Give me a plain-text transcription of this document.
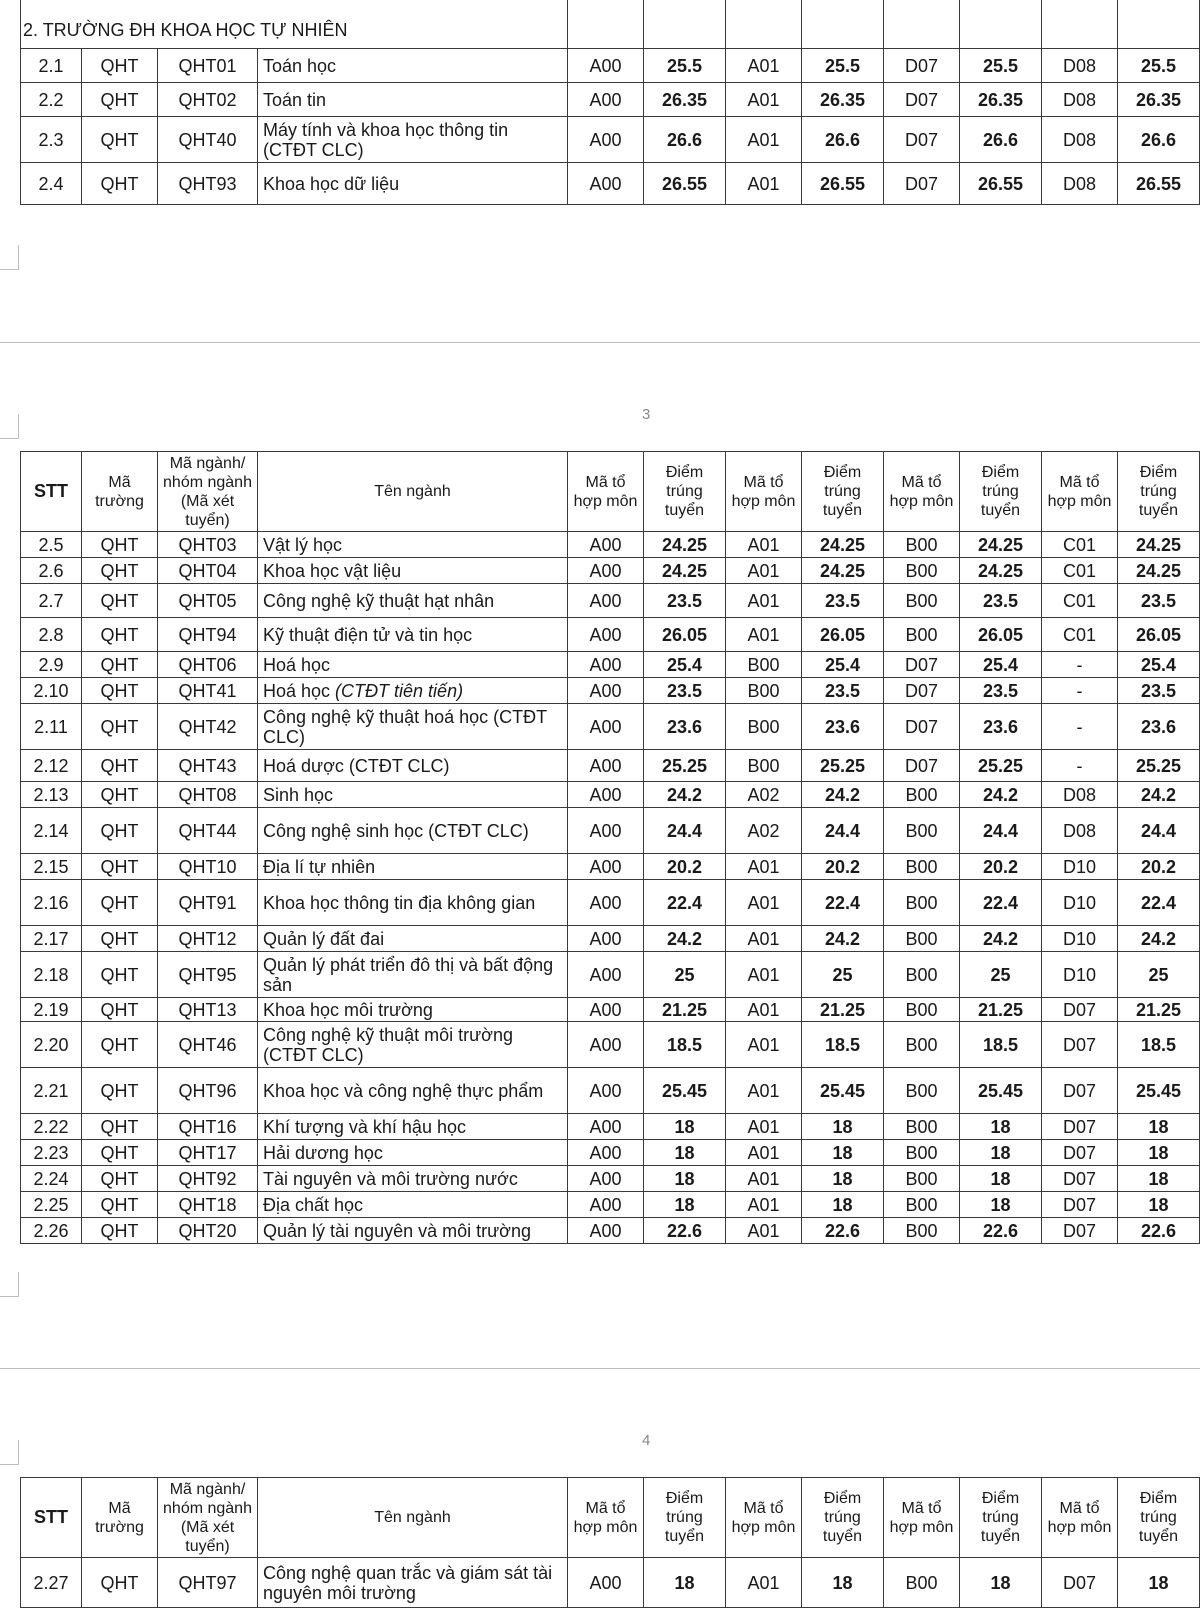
2. TRƯỜNG ĐH KHOA HỌC TỰ NHIÊN											
2.1	QHT	QHT01	Toán học	A00	25.5	A01	25.5	D07	25.5	D08	25.5
2.2	QHT	QHT02	Toán tin	A00	26.35	A01	26.35	D07	26.35	D08	26.35
2.3	QHT	QHT40	Máy tính và khoa học thông tin (CTĐT CLC)	A00	26.6	A01	26.6	D07	26.6	D08	26.6
2.4	QHT	QHT93	Khoa học dữ liệu	A00	26.55	A01	26.55	D07	26.55	D08	26.55
3
STT	Mã trường	Mã ngành/ nhóm ngành (Mã xét tuyển)	Tên ngành	Mã tổ hợp môn	Điểm trúng tuyển	Mã tổ hợp môn	Điểm trúng tuyển	Mã tổ hợp môn	Điểm trúng tuyển	Mã tổ hợp môn	Điểm trúng tuyển
2.5	QHT	QHT03	Vật lý học	A00	24.25	A01	24.25	B00	24.25	C01	24.25
2.6	QHT	QHT04	Khoa học vật liệu	A00	24.25	A01	24.25	B00	24.25	C01	24.25
2.7	QHT	QHT05	Công nghệ kỹ thuật hạt nhân	A00	23.5	A01	23.5	B00	23.5	C01	23.5
2.8	QHT	QHT94	Kỹ thuật điện tử và tin học	A00	26.05	A01	26.05	B00	26.05	C01	26.05
2.9	QHT	QHT06	Hoá học	A00	25.4	B00	25.4	D07	25.4	-	25.4
2.10	QHT	QHT41	Hoá học (CTĐT tiên tiến)	A00	23.5	B00	23.5	D07	23.5	-	23.5
2.11	QHT	QHT42	Công nghệ kỹ thuật hoá học (CTĐT CLC)	A00	23.6	B00	23.6	D07	23.6	-	23.6
2.12	QHT	QHT43	Hoá dược (CTĐT CLC)	A00	25.25	B00	25.25	D07	25.25	-	25.25
2.13	QHT	QHT08	Sinh học	A00	24.2	A02	24.2	B00	24.2	D08	24.2
2.14	QHT	QHT44	Công nghệ sinh học (CTĐT CLC)	A00	24.4	A02	24.4	B00	24.4	D08	24.4
2.15	QHT	QHT10	Địa lí tự nhiên	A00	20.2	A01	20.2	B00	20.2	D10	20.2
2.16	QHT	QHT91	Khoa học thông tin địa không gian	A00	22.4	A01	22.4	B00	22.4	D10	22.4
2.17	QHT	QHT12	Quản lý đất đai	A00	24.2	A01	24.2	B00	24.2	D10	24.2
2.18	QHT	QHT95	Quản lý phát triển đô thị và bất động sản	A00	25	A01	25	B00	25	D10	25
2.19	QHT	QHT13	Khoa học môi trường	A00	21.25	A01	21.25	B00	21.25	D07	21.25
2.20	QHT	QHT46	Công nghệ kỹ thuật môi trường (CTĐT CLC)	A00	18.5	A01	18.5	B00	18.5	D07	18.5
2.21	QHT	QHT96	Khoa học và công nghệ thực phẩm	A00	25.45	A01	25.45	B00	25.45	D07	25.45
2.22	QHT	QHT16	Khí tượng và khí hậu học	A00	18	A01	18	B00	18	D07	18
2.23	QHT	QHT17	Hải dương học	A00	18	A01	18	B00	18	D07	18
2.24	QHT	QHT92	Tài nguyên và môi trường nước	A00	18	A01	18	B00	18	D07	18
2.25	QHT	QHT18	Địa chất học	A00	18	A01	18	B00	18	D07	18
2.26	QHT	QHT20	Quản lý tài nguyên và môi trường	A00	22.6	A01	22.6	B00	22.6	D07	22.6
4
STT	Mã trường	Mã ngành/ nhóm ngành (Mã xét tuyển)	Tên ngành	Mã tổ hợp môn	Điểm trúng tuyển	Mã tổ hợp môn	Điểm trúng tuyển	Mã tổ hợp môn	Điểm trúng tuyển	Mã tổ hợp môn	Điểm trúng tuyển
2.27	QHT	QHT97	Công nghệ quan trắc và giám sát tài nguyên môi trường	A00	18	A01	18	B00	18	D07	18
